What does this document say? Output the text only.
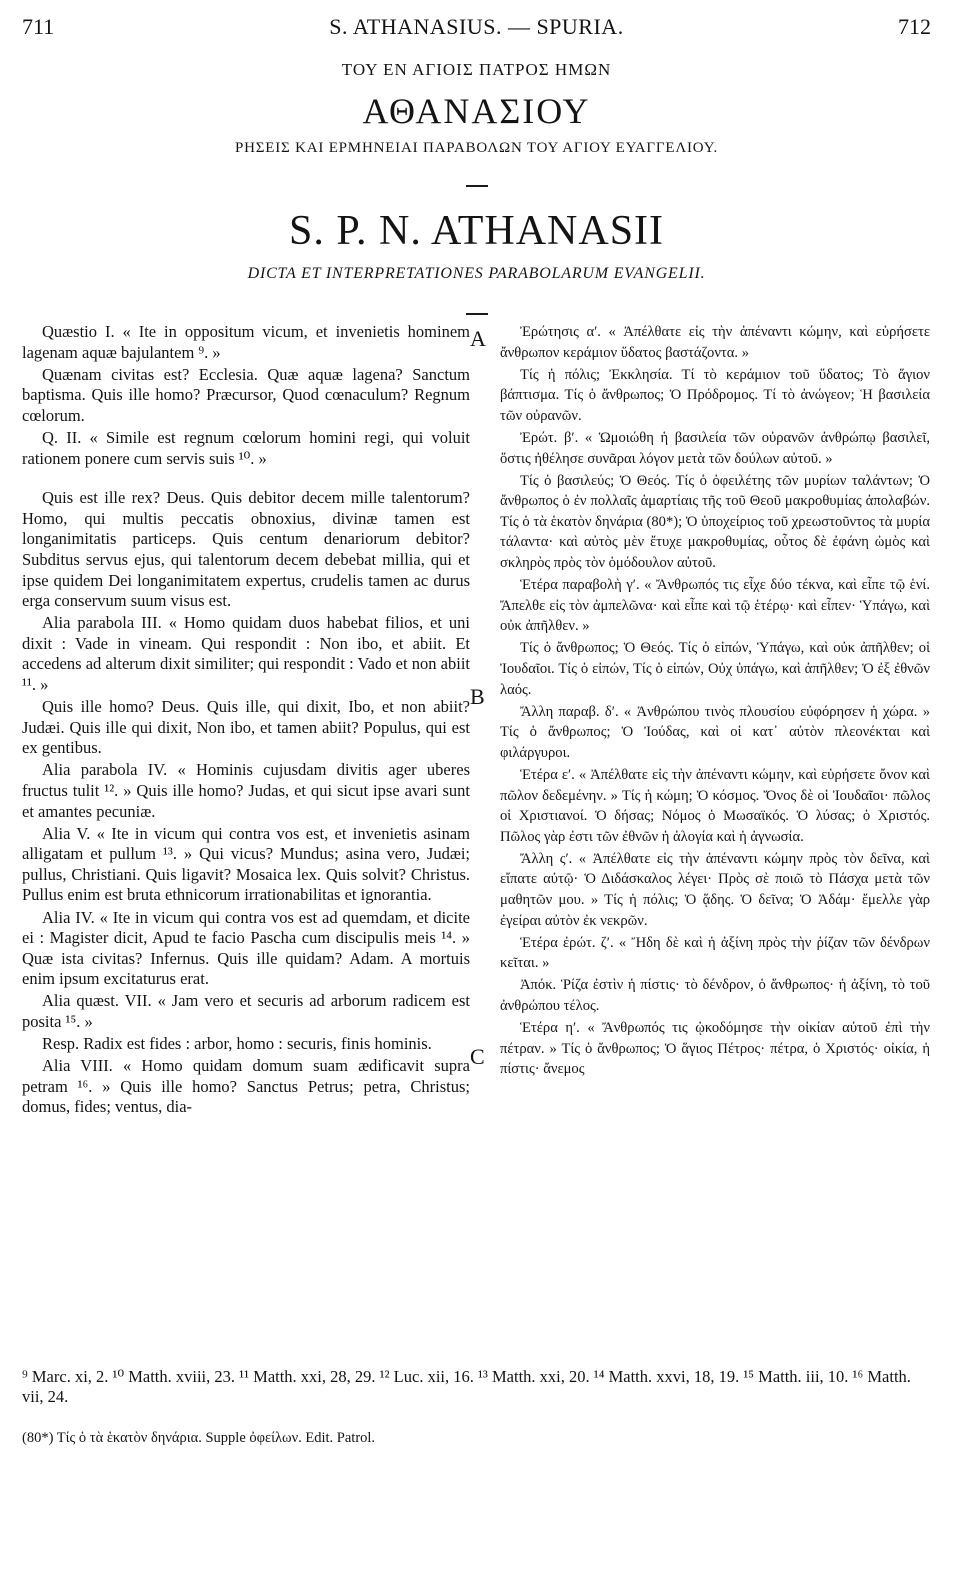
711	S. ATHANASIUS. — SPURIA.	712
ΤΟΥ ΕΝ ΑΓΙΟΙΣ ΠΑΤΡΟΣ ΗΜΩΝ
ΑΘΑΝΑΣΙΟΥ
ΡΗΣΕΙΣ ΚΑΙ ΕΡΜΗΝΕΙΑΙ ΠΑΡΑΒΟΛΩΝ ΤΟΥ ΑΓΙΟΥ ΕΥΑΓΓΕΛΙΟΥ.
S. P. N. ATHANASII
DICTA ET INTERPRETATIONES PARABOLARUM EVANGELII.

Quæstio I. « Ite in oppositum vicum, et invenietis hominem lagenam aquæ bajulantem ⁹. »

Quænam civitas est? Ecclesia. Quæ aquæ lagena? Sanctum baptisma. Quis ille homo? Præcursor, Quod cœnaculum? Regnum cœlorum.

Q. II. « Simile est regnum cœlorum homini regi, qui voluit rationem ponere cum servis suis ¹⁰. »

Quis est ille rex? Deus. Quis debitor decem mille talentorum? Homo, qui multis peccatis obnoxius, divinæ tamen est longanimitatis particeps. Quis centum denariorum debitor? Subditus servus ejus, qui talentorum decem debebat millia, qui et ipse quidem Dei longanimitatem expertus, crudelis tamen ac durus erga conservum suum visus est.

Alia parabola III. « Homo quidam duos habebat filios, et uni dixit : Vade in vineam. Qui respondit : Non ibo, et abiit. Et accedens ad alterum dixit similiter; qui respondit : Vado et non abiit ¹¹. »

Quis ille homo? Deus. Quis ille, qui dixit, Ibo, et non abiit? Judæi. Quis ille qui dixit, Non ibo, et tamen abiit? Populus, qui est ex gentibus.

Alia parabola IV. « Hominis cujusdam divitis ager uberes fructus tulit ¹². » Quis ille homo? Judas, et qui sicut ipse avari sunt et amantes pecuniæ.

Alia V. « Ite in vicum qui contra vos est, et invenietis asinam alligatam et pullum ¹³. » Qui vicus? Mundus; asina vero, Judæi; pullus, Christiani. Quis ligavit? Mosaica lex. Quis solvit? Christus. Pullus enim est bruta ethnicorum irrationabilitas et ignorantia.

Alia IV. « Ite in vicum qui contra vos est ad quemdam, et dicite ei : Magister dicit, Apud te facio Pascha cum discipulis meis ¹⁴. » Quæ ista civitas? Infernus. Quis ille quidam? Adam. A mortuis enim ipsum excitaturus erat.

Alia quæst. VII. « Jam vero et securis ad arborum radicem est posita ¹⁵. »

Resp. Radix est fides : arbor, homo : securis, finis hominis.

Alia VIII. « Homo quidam domum suam ædificavit supra petram ¹⁶. » Quis ille homo? Sanctus Petrus; petra, Christus; domus, fides; ventus, dia-

A
B
C

Ἐρώτησις αʹ. « Ἀπέλθατε εἰς τὴν ἀπέναντι κώμην, καὶ εὑρήσετε ἄνθρωπον κεράμιον ὕδατος βαστάζοντα. »

Τίς ἡ πόλις; Ἐκκλησία. Τί τὸ κεράμιον τοῦ ὕδατος; Τὸ ἅγιον βάπτισμα. Τίς ὁ ἄνθρωπος; Ὁ Πρόδρομος. Τί τὸ ἀνώγεον; Ἡ βασιλεία τῶν οὐρανῶν.

Ἐρώτ. βʹ. « Ὡμοιώθη ἡ βασιλεία τῶν οὐρανῶν ἀνθρώπῳ βασιλεῖ, ὅστις ἠθέλησε συνᾶραι λόγον μετὰ τῶν δούλων αὐτοῦ. »

Τίς ὁ βασιλεύς; Ὁ Θεός. Τίς ὁ ὀφειλέτης τῶν μυρίων ταλάντων; Ὁ ἄνθρωπος ὁ ἐν πολλαῖς ἁμαρτίαις τῆς τοῦ Θεοῦ μακροθυμίας ἀπολαβών. Τίς ὁ τὰ ἑκατὸν δηνάρια (80*); Ὁ ὑποχείριος τοῦ χρεωστοῦντος τὰ μυρία τάλαντα· καὶ αὐτὸς μὲν ἔτυχε μακροθυμίας, οὗτος δὲ ἐφάνη ὠμὸς καὶ σκληρὸς πρὸς τὸν ὁμόδουλον αὐτοῦ.

Ἑτέρα παραβολὴ γʹ. « Ἄνθρωπός τις εἶχε δύο τέκνα, καὶ εἶπε τῷ ἑνί. Ἄπελθε εἰς τὸν ἀμπελῶνα· καὶ εἶπε καὶ τῷ ἑτέρῳ· καὶ εἶπεν· Ὑπάγω, καὶ οὐκ ἀπῆλθεν. »

Τίς ὁ ἄνθρωπος; Ὁ Θεός. Τίς ὁ εἰπών, Ὑπάγω, καὶ οὐκ ἀπῆλθεν; οἱ Ἰουδαῖοι. Τίς ὁ εἰπών, Τίς ὁ εἰπών, Οὐχ ὑπάγω, καὶ ἀπῆλθεν; Ὁ ἐξ ἐθνῶν λαός.

Ἄλλη παραβ. δʹ. « Ἀνθρώπου τινὸς πλουσίου εὐφόρησεν ἡ χώρα. » Τίς ὁ ἄνθρωπος; Ὁ Ἰούδας, καὶ οἱ κατ᾽ αὐτὸν πλεονέκται καὶ φιλάργυροι.

Ἑτέρα εʹ. « Ἀπέλθατε εἰς τὴν ἀπέναντι κώμην, καὶ εὑρήσετε ὄνον καὶ πῶλον δεδεμένην. » Τίς ἡ κώμη; Ὁ κόσμος. Ὄνος δὲ οἱ Ἰουδαῖοι· πῶλος οἱ Χριστιανοί. Ὁ δήσας; Νόμος ὁ Μωσαϊκός. Ὁ λύσας; ὁ Χριστός. Πῶλος γὰρ ἐστι τῶν ἐθνῶν ἡ ἀλογία καὶ ἡ ἀγνωσία.

Ἄλλη ςʹ. « Ἀπέλθατε εἰς τὴν ἀπέναντι κώμην πρὸς τὸν δεῖνα, καὶ εἴπατε αὐτῷ· Ὁ Διδάσκαλος λέγει· Πρὸς σὲ ποιῶ τὸ Πάσχα μετὰ τῶν μαθητῶν μου. » Τίς ἡ πόλις; Ὁ ᾅδης. Ὁ δεῖνα; Ὁ Ἀδάμ· ἔμελλε γὰρ ἐγείραι αὐτὸν ἐκ νεκρῶν.

Ἑτέρα ἐρώτ. ζʹ. « Ἤδη δὲ καὶ ἡ ἀξίνη πρὸς τὴν ῥίζαν τῶν δένδρων κεῖται. »

Ἀπόκ. Ῥίζα ἐστὶν ἡ πίστις· τὸ δένδρον, ὁ ἄνθρωπος· ἡ ἀξίνη, τὸ τοῦ ἀνθρώπου τέλος.

Ἑτέρα ηʹ. « Ἄνθρωπός τις ᾠκοδόμησε τὴν οἰκίαν αὐτοῦ ἐπὶ τὴν πέτραν. » Τίς ὁ ἄνθρωπος; Ὁ ἅγιος Πέτρος· πέτρα, ὁ Χριστός· οἰκία, ἡ πίστις· ἄνεμος

⁹ Marc. xi, 2. ¹⁰ Matth. xviii, 23. ¹¹ Matth. xxi, 28, 29. ¹² Luc. xii, 16. ¹³ Matth. xxi, 20. ¹⁴ Matth. xxvi, 18, 19. ¹⁵ Matth. iii, 10. ¹⁶ Matth. vii, 24.
(80*) Τίς ὁ τὰ ἑκατὸν δηνάρια. Supple ὀφείλων. Edit. Patrol.
